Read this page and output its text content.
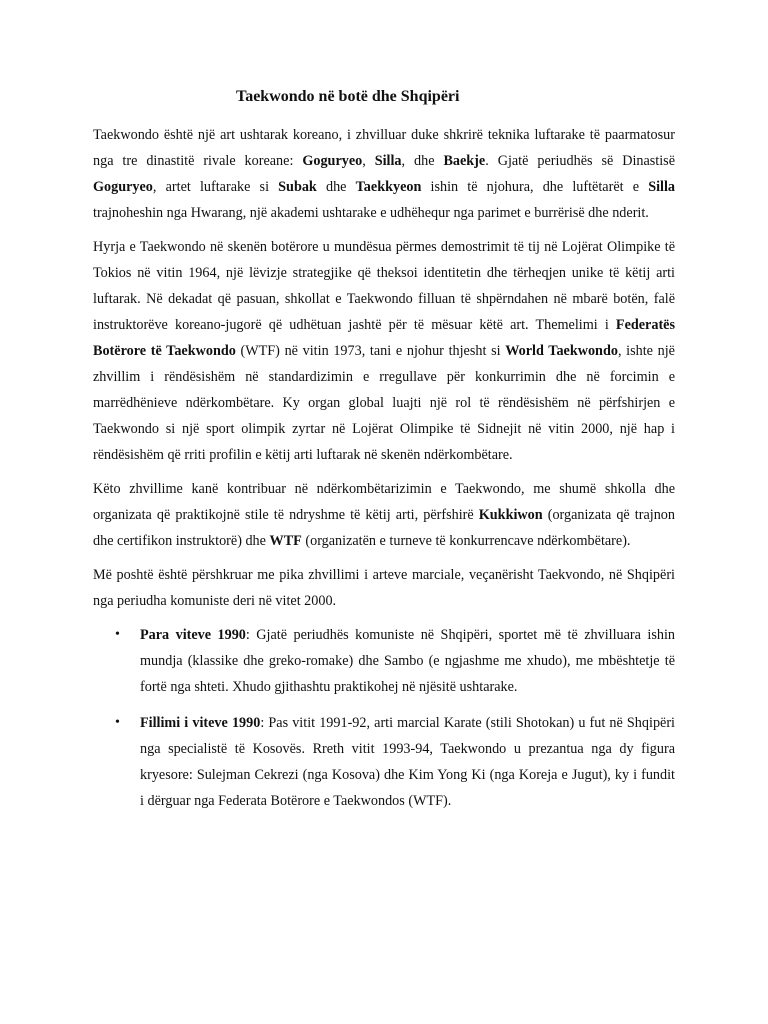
Taekwondo në botë dhe Shqipëri

Taekwondo është një art ushtarak koreano, i zhvilluar duke shkrirë teknika luftarake të paarmatosur nga tre dinastitë rivale koreane: Goguryeo, Silla, dhe Baekje. Gjatë periudhës së Dinastisë Goguryeo, artet luftarake si Subak dhe Taekkyeon ishin të njohura, dhe luftëtarët e Silla trajnoheshin nga Hwarang, një akademi ushtarake e udhëhequr nga parimet e burrërisë dhe nderit.

Hyrja e Taekwondo në skenën botërore u mundësua përmes demostrimit të tij në Lojërat Olimpike të Tokios në vitin 1964, një lëvizje strategjike që theksoi identitetin dhe tërheqjen unike të këtij arti luftarak. Në dekadat që pasuan, shkollat e Taekwondo filluan të shpërndahen në mbarë botën, falë instruktorëve koreano-jugorë që udhëtuan jashtë për të mësuar këtë art. Themelimi i Federatës Botërore të Taekwondo (WTF) në vitin 1973, tani e njohur thjesht si World Taekwondo, ishte një zhvillim i rëndësishëm në standardizimin e rregullave për konkurrimin dhe në forcimin e marrëdhënieve ndërkombëtare. Ky organ global luajti një rol të rëndësishëm në përfshirjen e Taekwondo si një sport olimpik zyrtar në Lojërat Olimpike të Sidnejit në vitin 2000, një hap i rëndësishëm që rriti profilin e këtij arti luftarak në skenën ndërkombëtare.

Këto zhvillime kanë kontribuar në ndërkombëtarizimin e Taekwondo, me shumë shkolla dhe organizata që praktikojnë stile të ndryshme të këtij arti, përfshirë Kukkiwon (organizata që trajnon dhe certifikon instruktorë) dhe WTF (organizatën e turneve të konkurrencave ndërkombëtare).

Më poshtë është përshkruar me pika zhvillimi i arteve marciale, veçanërisht Taekvondo, në Shqipëri nga periudha komuniste deri në vitet 2000.

• Para viteve 1990: Gjatë periudhës komuniste në Shqipëri, sportet më të zhvilluara ishin mundja (klassike dhe greko-romake) dhe Sambo (e ngjashme me xhudo), me mbështetje të fortë nga shteti. Xhudo gjithashtu praktikohej në njësitë ushtarake.
• Fillimi i viteve 1990: Pas vitit 1991-92, arti marcial Karate (stili Shotokan) u fut në Shqipëri nga specialistë të Kosovës. Rreth vitit 1993-94, Taekwondo u prezantua nga dy figura kryesore: Sulejman Cekrezi (nga Kosova) dhe Kim Yong Ki (nga Koreja e Jugut), ky i fundit i dërguar nga Federata Botërore e Taekwondos (WTF).
